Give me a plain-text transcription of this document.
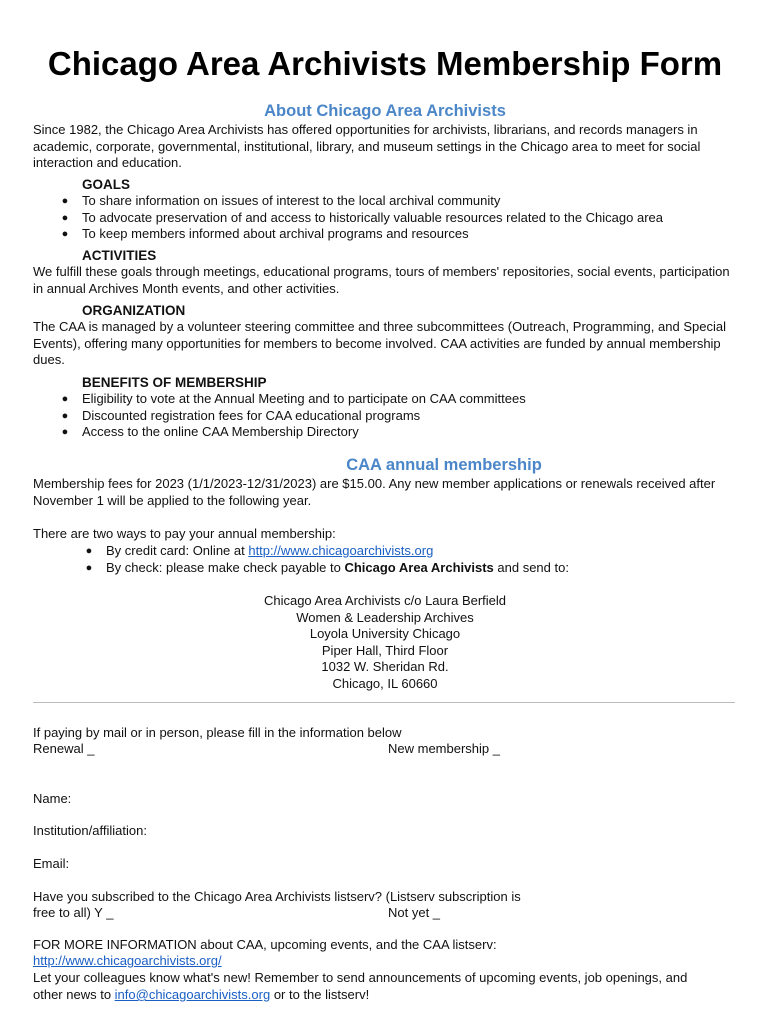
Chicago Area Archivists Membership Form
About Chicago Area Archivists
Since 1982, the Chicago Area Archivists has offered opportunities for archivists, librarians, and records managers in academic, corporate, governmental, institutional, library, and museum settings in the Chicago area to meet for social interaction and education.
GOALS
● To share information on issues of interest to the local archival community
● To advocate preservation of and access to historically valuable resources related to the Chicago area
● To keep members informed about archival programs and resources
ACTIVITIES
We fulfill these goals through meetings, educational programs, tours of members' repositories, social events, participation in annual Archives Month events, and other activities.
ORGANIZATION
The CAA is managed by a volunteer steering committee and three subcommittees (Outreach, Programming, and Special Events), offering many opportunities for members to become involved. CAA activities are funded by annual membership dues.
BENEFITS OF MEMBERSHIP
● Eligibility to vote at the Annual Meeting and to participate on CAA committees
● Discounted registration fees for CAA educational programs
● Access to the online CAA Membership Directory
CAA annual membership
Membership fees for 2023 (1/1/2023-12/31/2023) are $15.00. Any new member applications or renewals received after November 1 will be applied to the following year.
There are two ways to pay your annual membership:
● By credit card: Online at http://www.chicagoarchivists.org
● By check: please make check payable to Chicago Area Archivists and send to:
Chicago Area Archivists c/o Laura Berfield
Women & Leadership Archives
Loyola University Chicago
Piper Hall, Third Floor
1032 W. Sheridan Rd.
Chicago, IL 60660
If paying by mail or in person, please fill in the information below
Renewal _	New membership _
Name:
Institution/affiliation:
Email:
Have you subscribed to the Chicago Area Archivists listserv? (Listserv subscription is
free to all) Y _	Not yet _
FOR MORE INFORMATION about CAA, upcoming events, and the CAA listserv:
http://www.chicagoarchivists.org/
Let your colleagues know what's new! Remember to send announcements of upcoming events, job openings, and
other news to info@chicagoarchivists.org or to the listserv!
